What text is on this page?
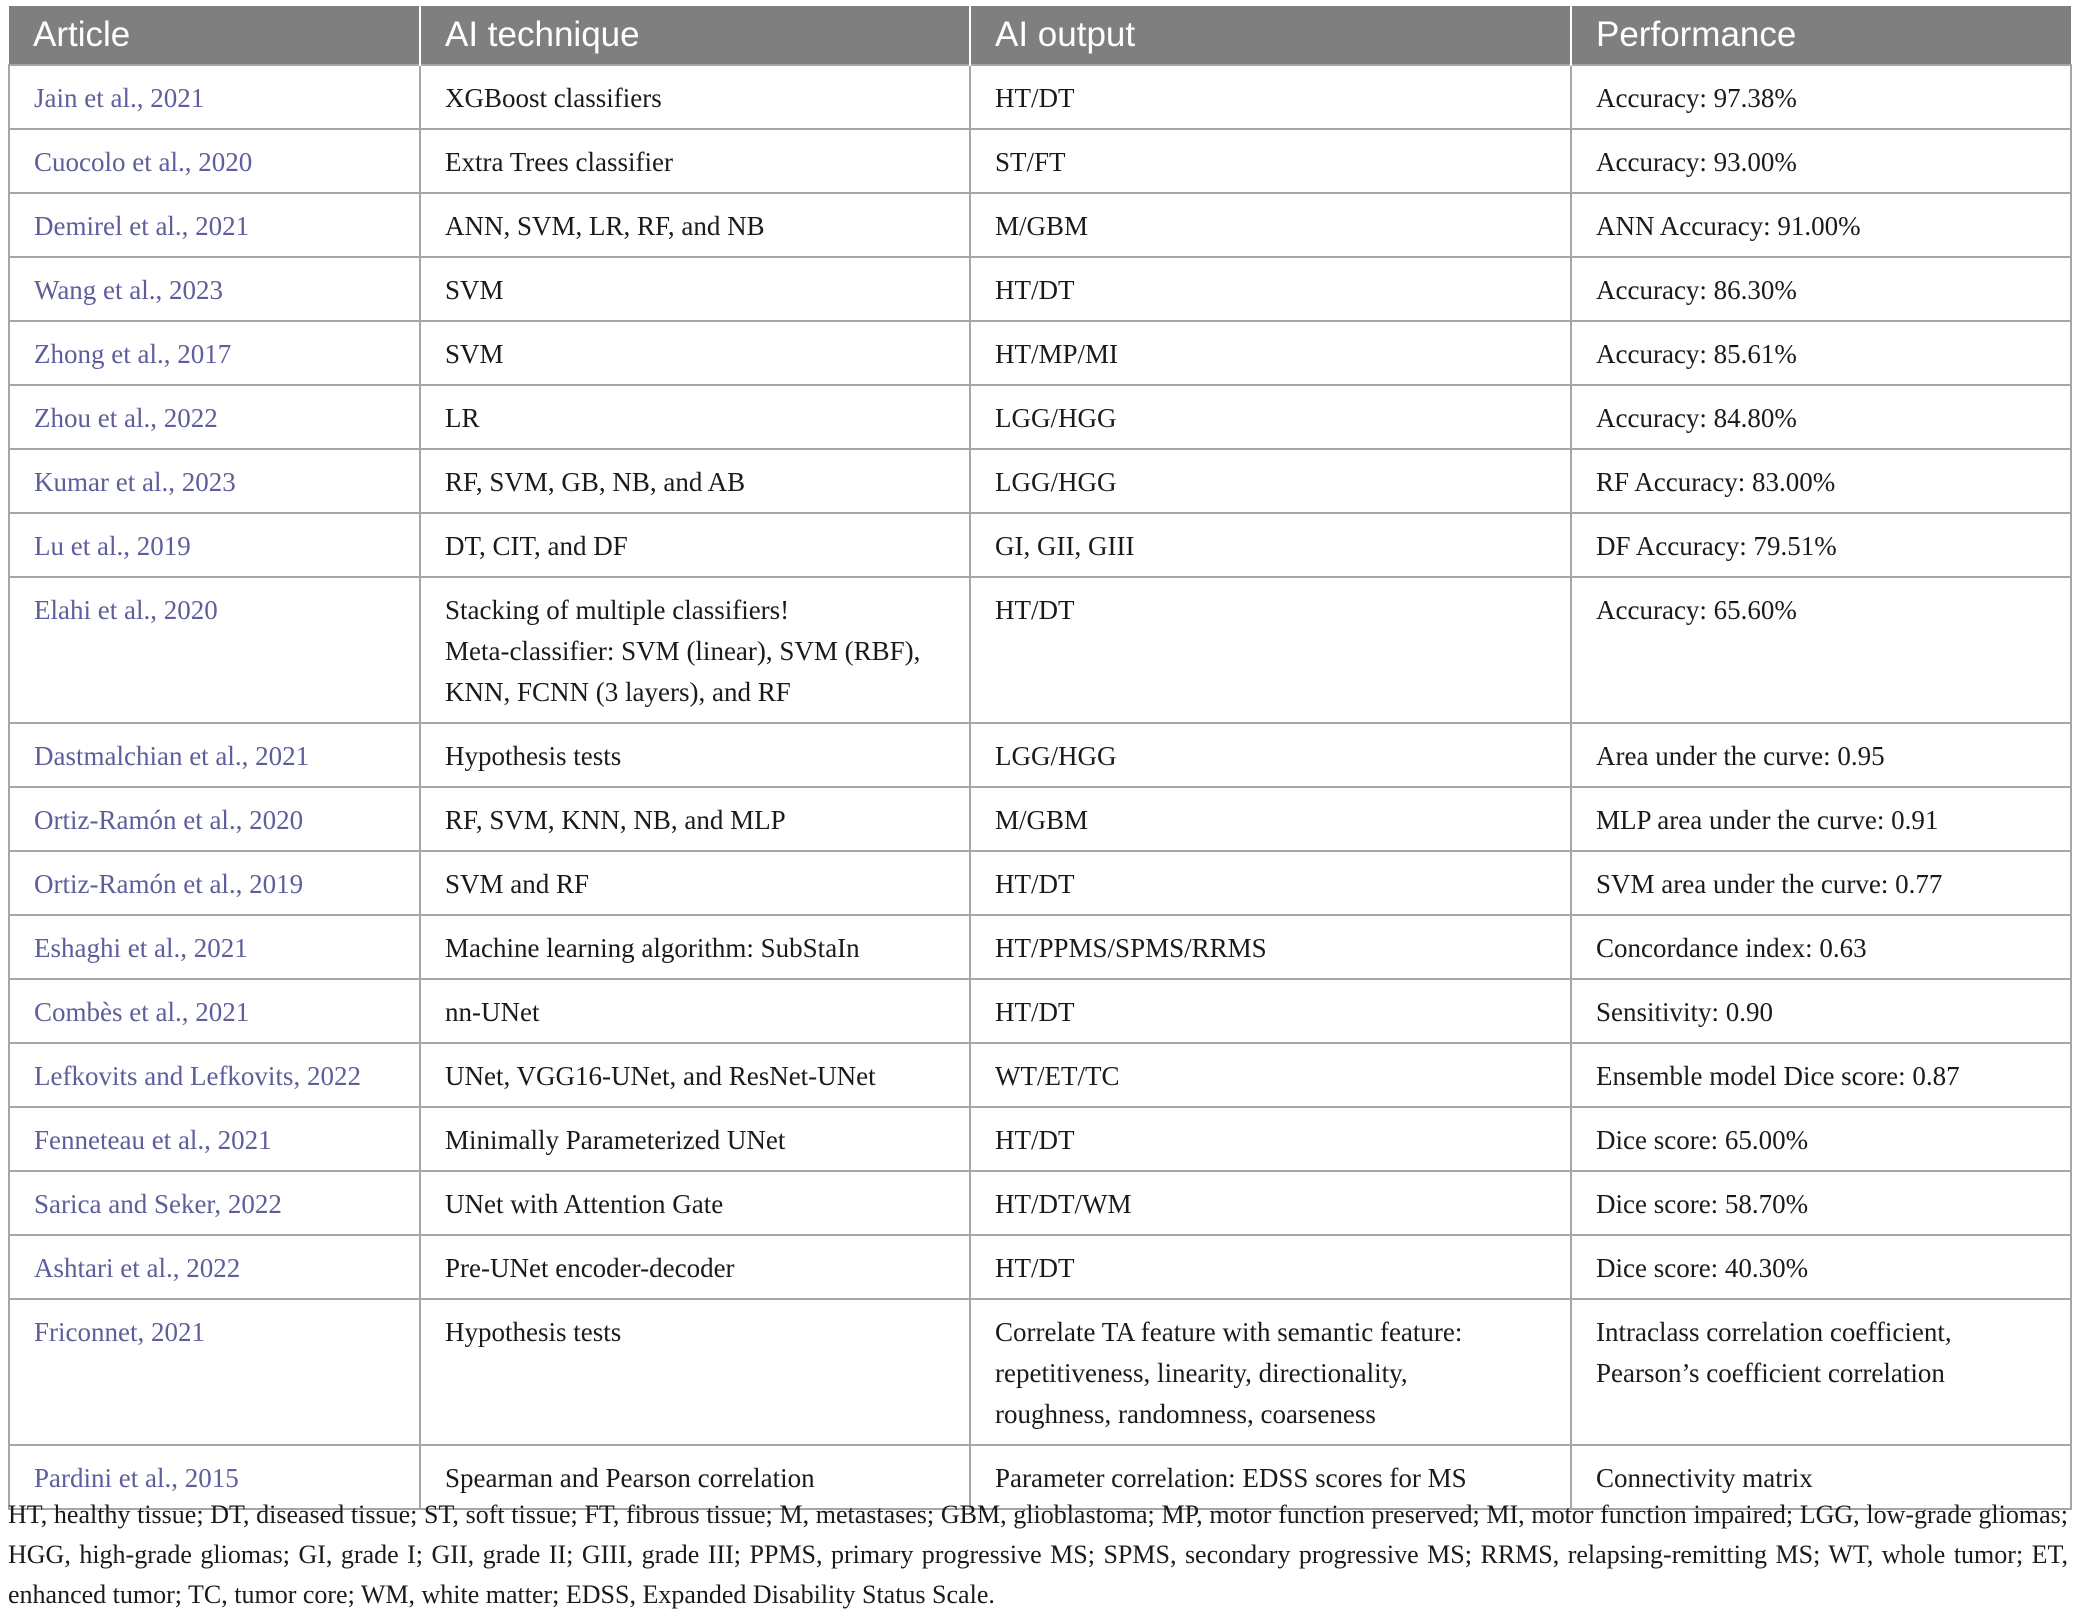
Article	AI technique	AI output	Performance
Jain et al., 2021	XGBoost classifiers	HT/DT	Accuracy: 97.38%

Cuocolo et al., 2020	Extra Trees classifier	ST/FT	Accuracy: 93.00%

Demirel et al., 2021	ANN, SVM, LR, RF, and NB	M/GBM	ANN Accuracy: 91.00%

Wang et al., 2023	SVM	HT/DT	Accuracy: 86.30%

Zhong et al., 2017	SVM	HT/MP/MI	Accuracy: 85.61%

Zhou et al., 2022	LR	LGG/HGG	Accuracy: 84.80%

Kumar et al., 2023	RF, SVM, GB, NB, and AB	LGG/HGG	RF Accuracy: 83.00%

Lu et al., 2019	DT, CIT, and DF	GI, GII, GIII	DF Accuracy: 79.51%

Elahi et al., 2020	Stacking of multiple classifiers!
Meta-classifier: SVM (linear), SVM (RBF),
KNN, FCNN (3 layers), and RF	HT/DT	Accuracy: 65.60%

Dastmalchian et al., 2021	Hypothesis tests	LGG/HGG	Area under the curve: 0.95

Ortiz-Ramón et al., 2020	RF, SVM, KNN, NB, and MLP	M/GBM	MLP area under the curve: 0.91

Ortiz-Ramón et al., 2019	SVM and RF	HT/DT	SVM area under the curve: 0.77

Eshaghi et al., 2021	Machine learning algorithm: SubStaIn	HT/PPMS/SPMS/RRMS	Concordance index: 0.63

Combès et al., 2021	nn-UNet	HT/DT	Sensitivity: 0.90

Lefkovits and Lefkovits, 2022	UNet, VGG16-UNet, and ResNet-UNet	WT/ET/TC	Ensemble model Dice score: 0.87

Fenneteau et al., 2021	Minimally Parameterized UNet	HT/DT	Dice score: 65.00%

Sarica and Seker, 2022	UNet with Attention Gate	HT/DT/WM	Dice score: 58.70%

Ashtari et al., 2022	Pre-UNet encoder-decoder	HT/DT	Dice score: 40.30%

Friconnet, 2021	Hypothesis tests	Correlate TA feature with semantic feature:
repetitiveness, linearity, directionality,
roughness, randomness, coarseness	Intraclass correlation coefficient,
Pearson’s coefficient correlation

Pardini et al., 2015	Spearman and Pearson correlation	Parameter correlation: EDSS scores for MS	Connectivity matrix
HT, healthy tissue; DT, diseased tissue; ST, soft tissue; FT, fibrous tissue; M, metastases; GBM, glioblastoma; MP, motor function preserved; MI, motor function impaired; LGG, low-grade gliomas; HGG, high-grade gliomas; GI, grade I; GII, grade II; GIII, grade III; PPMS, primary progressive MS; SPMS, secondary progressive MS; RRMS, relapsing-remitting MS; WT, whole tumor; ET, enhanced tumor; TC, tumor core; WM, white matter; EDSS, Expanded Disability Status Scale.
